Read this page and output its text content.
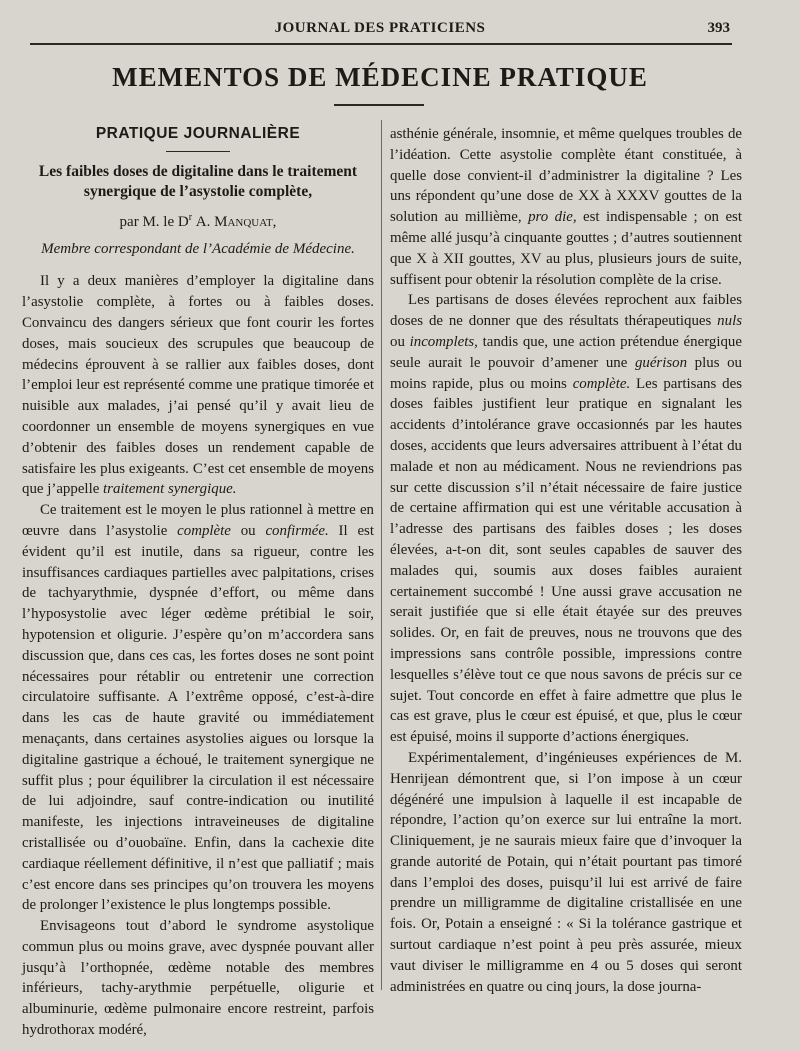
JOURNAL DES PRATICIENS	393
MEMENTOS DE MÉDECINE PRATIQUE
PRATIQUE JOURNALIÈRE
Les faibles doses de digitaline dans le traitement synergique de l’asystolie complète,
par M. le $D^r$ A. Manquat,
Membre correspondant de l’Académie de Médecine.

Il y a deux manières d’employer la digitaline dans l’asystolie complète, à fortes ou à faibles doses. Convaincu des dangers sérieux que font courir les fortes doses, mais soucieux des scrupules que beaucoup de médecins éprouvent à se rallier aux faibles doses, dont l’emploi leur est représenté comme une pratique timorée et nuisible aux malades, j’ai pensé qu’il y avait lieu de coordonner un ensemble de moyens synergiques en vue d’obtenir des faibles doses un rendement capable de satisfaire les plus exigeants. C’est cet ensemble de moyens que j’appelle traitement synergique.

Ce traitement est le moyen le plus rationnel à mettre en œuvre dans l’asystolie complète ou confirmée. Il est évident qu’il est inutile, dans sa rigueur, contre les insuffisances cardiaques partielles avec palpitations, crises de tachyarythmie, dyspnée d’effort, ou même dans l’hyposystolie avec léger œdème prétibial le soir, hypotension et oligurie. J’espère qu’on m’accordera sans discussion que, dans ces cas, les fortes doses ne sont point nécessaires pour rétablir ou entretenir une correction circulatoire suffisante. A l’extrême opposé, c’est-à-dire dans les cas de haute gravité ou immédiatement menaçants, dans certaines asystolies aigues ou lorsque la digitaline gastrique a échoué, le traitement synergique ne suffit plus ; pour équilibrer la circulation il est nécessaire de lui adjoindre, sauf contre-indication ou inutilité manifeste, les injections intraveineuses de digitaline cristallisée ou d’ouobaïne. Enfin, dans la cachexie dite cardiaque réellement définitive, il n’est que palliatif ; mais c’est encore dans ses principes qu’on trouvera les moyens de prolonger l’existence le plus longtemps possible.

Envisageons tout d’abord le syndrome asystolique commun plus ou moins grave, avec dyspnée pouvant aller jusqu’à l’orthopnée, œdème notable des membres inférieurs, tachy-arythmie perpétuelle, oligurie et albuminurie, œdème pulmonaire encore restreint, parfois hydrothorax modéré,

asthénie générale, insomnie, et même quelques troubles de l’idéation. Cette asystolie complète étant constituée, à quelle dose convient-il d’administrer la digitaline ? Les uns répondent qu’une dose de XX à XXXV gouttes de la solution au millième, pro die, est indispensable ; on est même allé jusqu’à cinquante gouttes ; d’autres soutiennent que X à XII gouttes, XV au plus, plusieurs jours de suite, suffisent pour obtenir la résolution complète de la crise.

Les partisans de doses élevées reprochent aux faibles doses de ne donner que des résultats thérapeutiques nuls ou incomplets, tandis que, une action prétendue énergique seule aurait le pouvoir d’amener une guérison plus ou moins rapide, plus ou moins complète. Les partisans des doses faibles justifient leur pratique en signalant les accidents d’intolérance grave occasionnés par les hautes doses, accidents que leurs adversaires attribuent à l’état du malade et non au médicament. Nous ne reviendrions pas sur cette discussion s’il n’était nécessaire de faire justice de certaine affirmation qui est une véritable accusation à l’adresse des partisans des faibles doses ; les doses élevées, a-t-on dit, sont seules capables de sauver des malades qui, soumis aux doses faibles auraient certainement succombé ! Une aussi grave accusation ne serait justifiée que si elle était étayée sur des preuves solides. Or, en fait de preuves, nous ne trouvons que des impressions sans contrôle possible, impressions contre lesquelles s’élève tout ce que nous savons de précis sur ce sujet. Tout concorde en effet à faire admettre que plus le cas est grave, plus le cœur est épuisé, et que, plus le cœur est épuisé, moins il supporte d’actions énergiques.

Expérimentalement, d’ingénieuses expériences de M. Henrijean démontrent que, si l’on impose à un cœur dégénéré une impulsion à laquelle il est incapable de répondre, l’action qu’on exerce sur lui entraîne la mort. Cliniquement, je ne saurais mieux faire que d’invoquer la grande autorité de Potain, qui n’était pourtant pas timoré dans l’emploi des doses, puisqu’il lui est arrivé de faire prendre un milligramme de digitaline cristallisée en une fois. Or, Potain a enseigné : « Si la tolérance gastrique et surtout cardiaque n’est point à peu près assurée, mieux vaut diviser le milligramme en 4 ou 5 doses qui seront administrées en quatre ou cinq jours, la dose journa-
